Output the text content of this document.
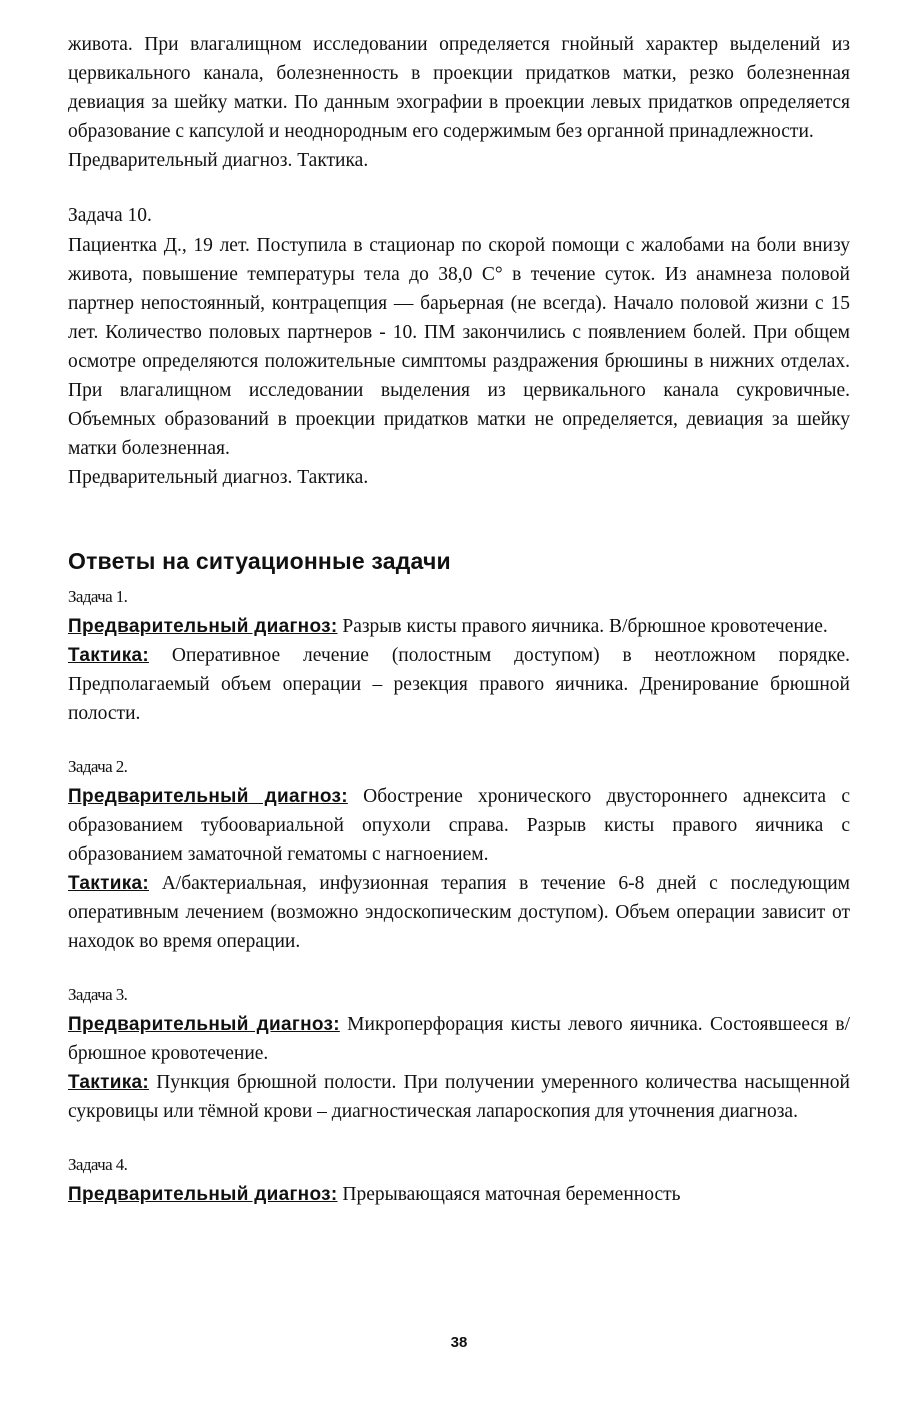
живота. При влагалищном исследовании определяется гнойный характер выделений из цервикального канала, болезненность в проекции придатков матки, резко болезненная девиация за шейку матки. По данным эхографии в проекции левых придатков определяется образование с капсулой и неоднородным его содержимым без органной принадлежности.

Предварительный диагноз. Тактика.

Задача 10.

Пациентка Д., 19 лет. Поступила в стационар по скорой помощи с жалобами на боли внизу живота, повышение температуры тела до 38,0 С° в течение суток. Из анамнеза половой партнер непостоянный, контрацепция — барьерная (не всегда). Начало половой жизни с 15 лет. Количество половых партнеров - 10. ПМ закончились с появлением болей. При общем осмотре определяются положительные симптомы раздражения брюшины в нижних отделах. При влагалищном исследовании выделения из цервикального канала сукровичные. Объемных образований в проекции придатков матки не определяется, девиация за шейку матки болезненная.

Предварительный диагноз. Тактика.

Ответы на ситуационные задачи
Задача 1.

Предварительный диагноз: Разрыв кисты правого яичника. В/брюшное кровотечение.

Тактика: Оперативное лечение (полостным доступом) в неотложном порядке. Предполагаемый объем операции – резекция правого яичника. Дренирование брюшной полости.

Задача 2.

Предварительный диагноз: Обострение хронического двустороннего аднексита с образованием тубоовариальной опухоли справа. Разрыв кисты правого яичника с образованием заматочной гематомы с нагноением.

Тактика: А/бактериальная, инфузионная терапия в течение 6-8 дней с последующим оперативным лечением (возможно эндоскопическим доступом). Объем операции зависит от находок во время операции.

Задача 3.

Предварительный диагноз: Микроперфорация кисты левого яичника. Состоявшееся в/брюшное кровотечение.

Тактика: Пункция брюшной полости. При получении умеренного количества насыщенной сукровицы или тёмной крови – диагностическая лапароскопия для уточнения диагноза.

Задача 4.

Предварительный диагноз: Прерывающаяся маточная беременность

38
